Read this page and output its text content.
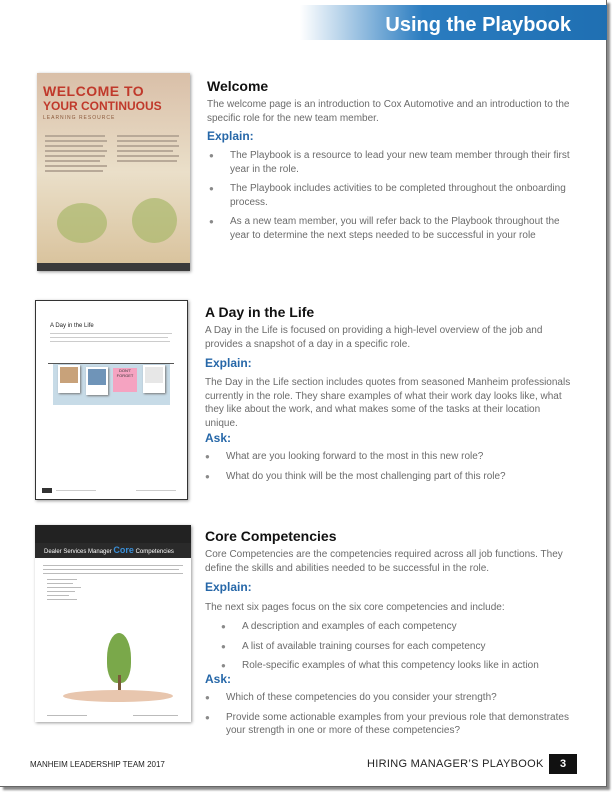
Using the Playbook
WELCOME TO
YOUR CONTINUOUS
LEARNING RESOURCE
Welcome
The welcome page is an introduction to Cox Automotive and an introduction to the specific role for the new team member.
Explain:
● The Playbook is a resource to lead your new team member through their first year in the role.
● The Playbook includes activities to be completed throughout the onboarding process.
● As a new team member, you will refer back to the Playbook throughout the year to determine the next steps needed to be successful in your role
A Day in the Life
DON'T FORGET
A Day in the Life
A Day in the Life is focused on providing a high-level overview of the job and provides a snapshot of a day in a specific role.
Explain:
The Day in the Life section includes quotes from seasoned Manheim professionals currently in the role. They share examples of what their work day looks like, what they like about the work, and what makes some of the tasks at their location unique.
Ask:
● What are you looking forward to the most in this new role?
● What do you think will be the most challenging part of this role?
Dealer Services Manager Core Competencies
Core Competencies
Core Competencies are the competencies required across all job functions. They define the skills and abilities needed to be successful in the role.
Explain:
The next six pages focus on the six core competencies and include:
● A description and examples of each competency
● A list of available training courses for each competency
● Role-specific examples of what this competency looks like in action
Ask:
● Which of these competencies do you consider your strength?
● Provide some actionable examples from your previous role that demonstrates your strength in one or more of these competencies?
MANHEIM LEADERSHIP TEAM 2017	HIRING MANAGER’S PLAYBOOK	3
